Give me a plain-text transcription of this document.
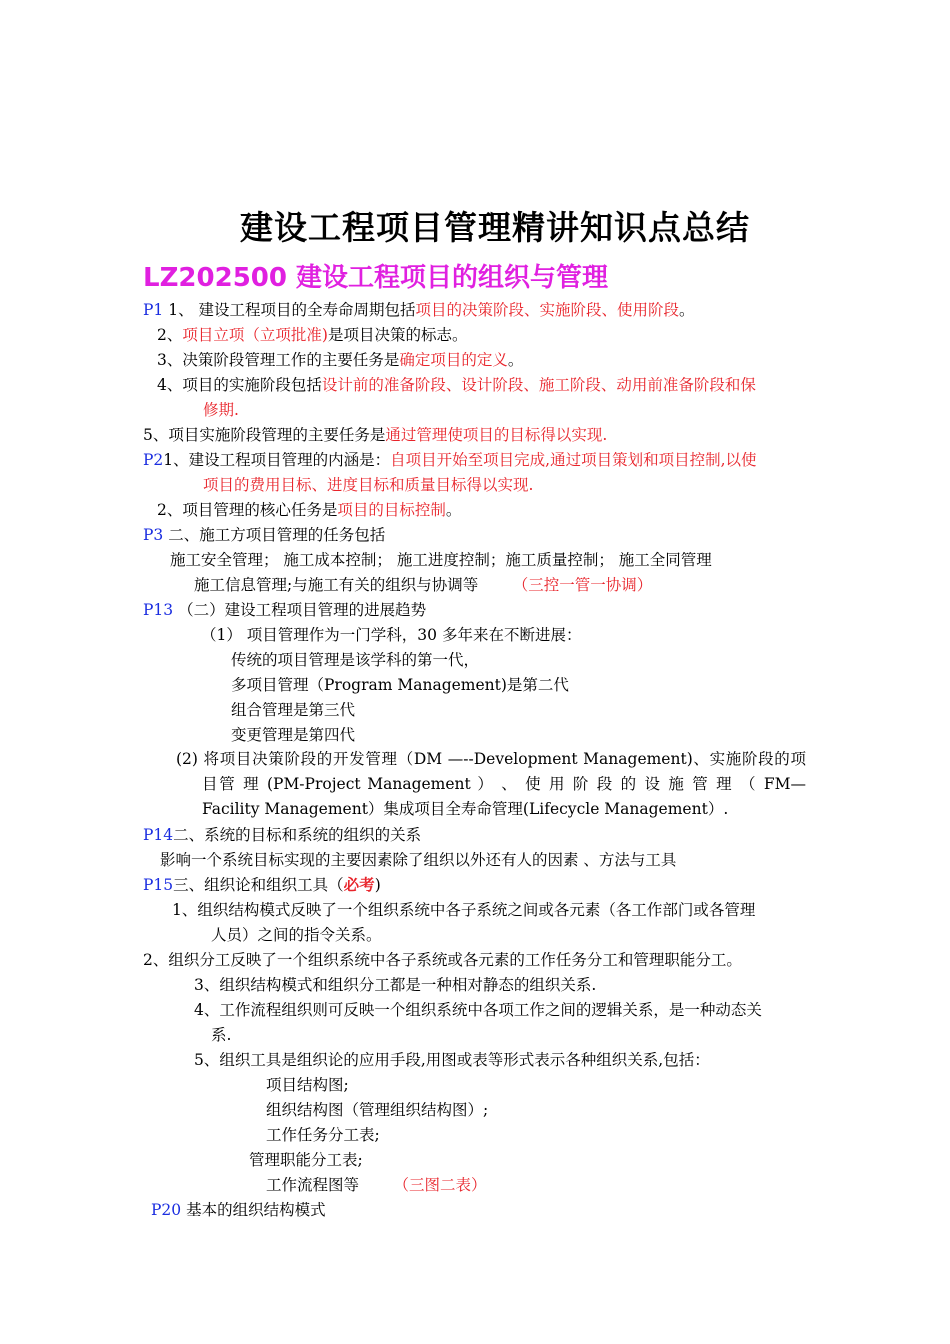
建设工程项目管理精讲知识点总结
LZ202500 建设工程项目的组织与管理
P1 1、 建设工程项目的全寿命周期包括项目的决策阶段、实施阶段、使用阶段。
2、项目立项（立项批准)是项目决策的标志。
3、决策阶段管理工作的主要任务是确定项目的定义。
4、项目的实施阶段包括设计前的准备阶段、设计阶段、施工阶段、动用前准备阶段和保
修期.
5、项目实施阶段管理的主要任务是通过管理使项目的目标得以实现.
P21、建设工程项目管理的内涵是：自项目开始至项目完成,通过项目策划和项目控制,以使
项目的费用目标、进度目标和质量目标得以实现.
2、项目管理的核心任务是项目的目标控制。
P3 二、施工方项目管理的任务包括
施工安全管理； 施工成本控制； 施工进度控制；施工质量控制； 施工全同管理
施工信息管理;与施工有关的组织与协调等 （三控一管一协调）
P13 （二）建设工程项目管理的进展趋势
（1） 项目管理作为一门学科，30 多年来在不断进展：
传统的项目管理是该学科的第一代，
多项目管理（Program Management)是第二代
组合管理是第三代
变更管理是第四代
(2) 将项目决策阶段的开发管理（DM —--Development Management)、实施阶段的项 目管 理 (PM-Project Management ） 、 使 用 阶 段 的 设 施 管 理 （ FM—Facility Management）集成项目全寿命管理(Lifecycle Management）.
P14二、系统的目标和系统的组织的关系
影响一个系统目标实现的主要因素除了组织以外还有人的因素 、方法与工具
P15三、组织论和组织工具（必考)
1、组织结构模式反映了一个组织系统中各子系统之间或各元素（各工作部门或各管理
人员）之间的指令关系。
2、组织分工反映了一个组织系统中各子系统或各元素的工作任务分工和管理职能分工。
3、组织结构模式和组织分工都是一种相对静态的组织关系.
4、工作流程组织则可反映一个组织系统中各项工作之间的逻辑关系，是一种动态关
系.
5、组织工具是组织论的应用手段,用图或表等形式表示各种组织关系,包括：
项目结构图;
组织结构图（管理组织结构图）;
工作任务分工表;
管理职能分工表;
工作流程图等 （三图二表）
P20 基本的组织结构模式
